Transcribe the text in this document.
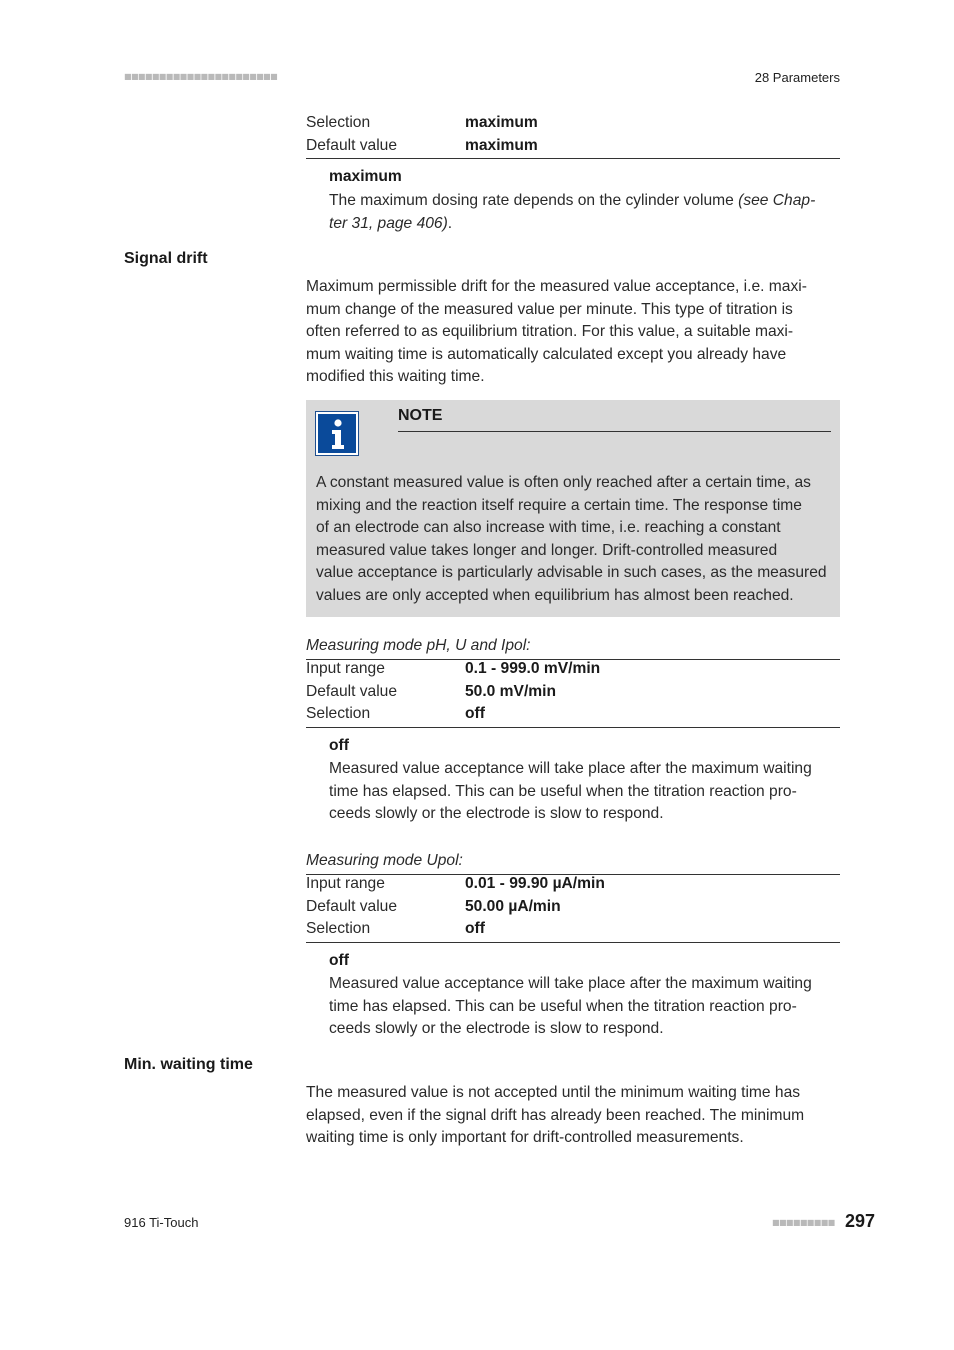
■■■■■■■■■■■■■■■■■■■■■■	28 Parameters
Selection	maximum
Default value	maximum
maximum
The maximum dosing rate depends on the cylinder volume (see Chap-
ter 31, page 406).
Signal drift
Maximum permissible drift for the measured value acceptance, i.e. maxi-
mum change of the measured value per minute. This type of titration is
often referred to as equilibrium titration. For this value, a suitable maxi-
mum waiting time is automatically calculated except you already have
modified this waiting time.
NOTE
A constant measured value is often only reached after a certain time, as
mixing and the reaction itself require a certain time. The response time
of an electrode can also increase with time, i.e. reaching a constant
measured value takes longer and longer. Drift-controlled measured
value acceptance is particularly advisable in such cases, as the measured
values are only accepted when equilibrium has almost been reached.
Measuring mode pH, U and Ipol:
Input range	0.1 - 999.0 mV/min
Default value	50.0 mV/min
Selection	off
off
Measured value acceptance will take place after the maximum waiting
time has elapsed. This can be useful when the titration reaction pro-
ceeds slowly or the electrode is slow to respond.
Measuring mode Upol:
Input range	0.01 - 99.90 µA/min
Default value	50.00 µA/min
Selection	off
off
Measured value acceptance will take place after the maximum waiting
time has elapsed. This can be useful when the titration reaction pro-
ceeds slowly or the electrode is slow to respond.
Min. waiting time
The measured value is not accepted until the minimum waiting time has
elapsed, even if the signal drift has already been reached. The minimum
waiting time is only important for drift-controlled measurements.
916 Ti-Touch	■■■■■■■■■ 297
